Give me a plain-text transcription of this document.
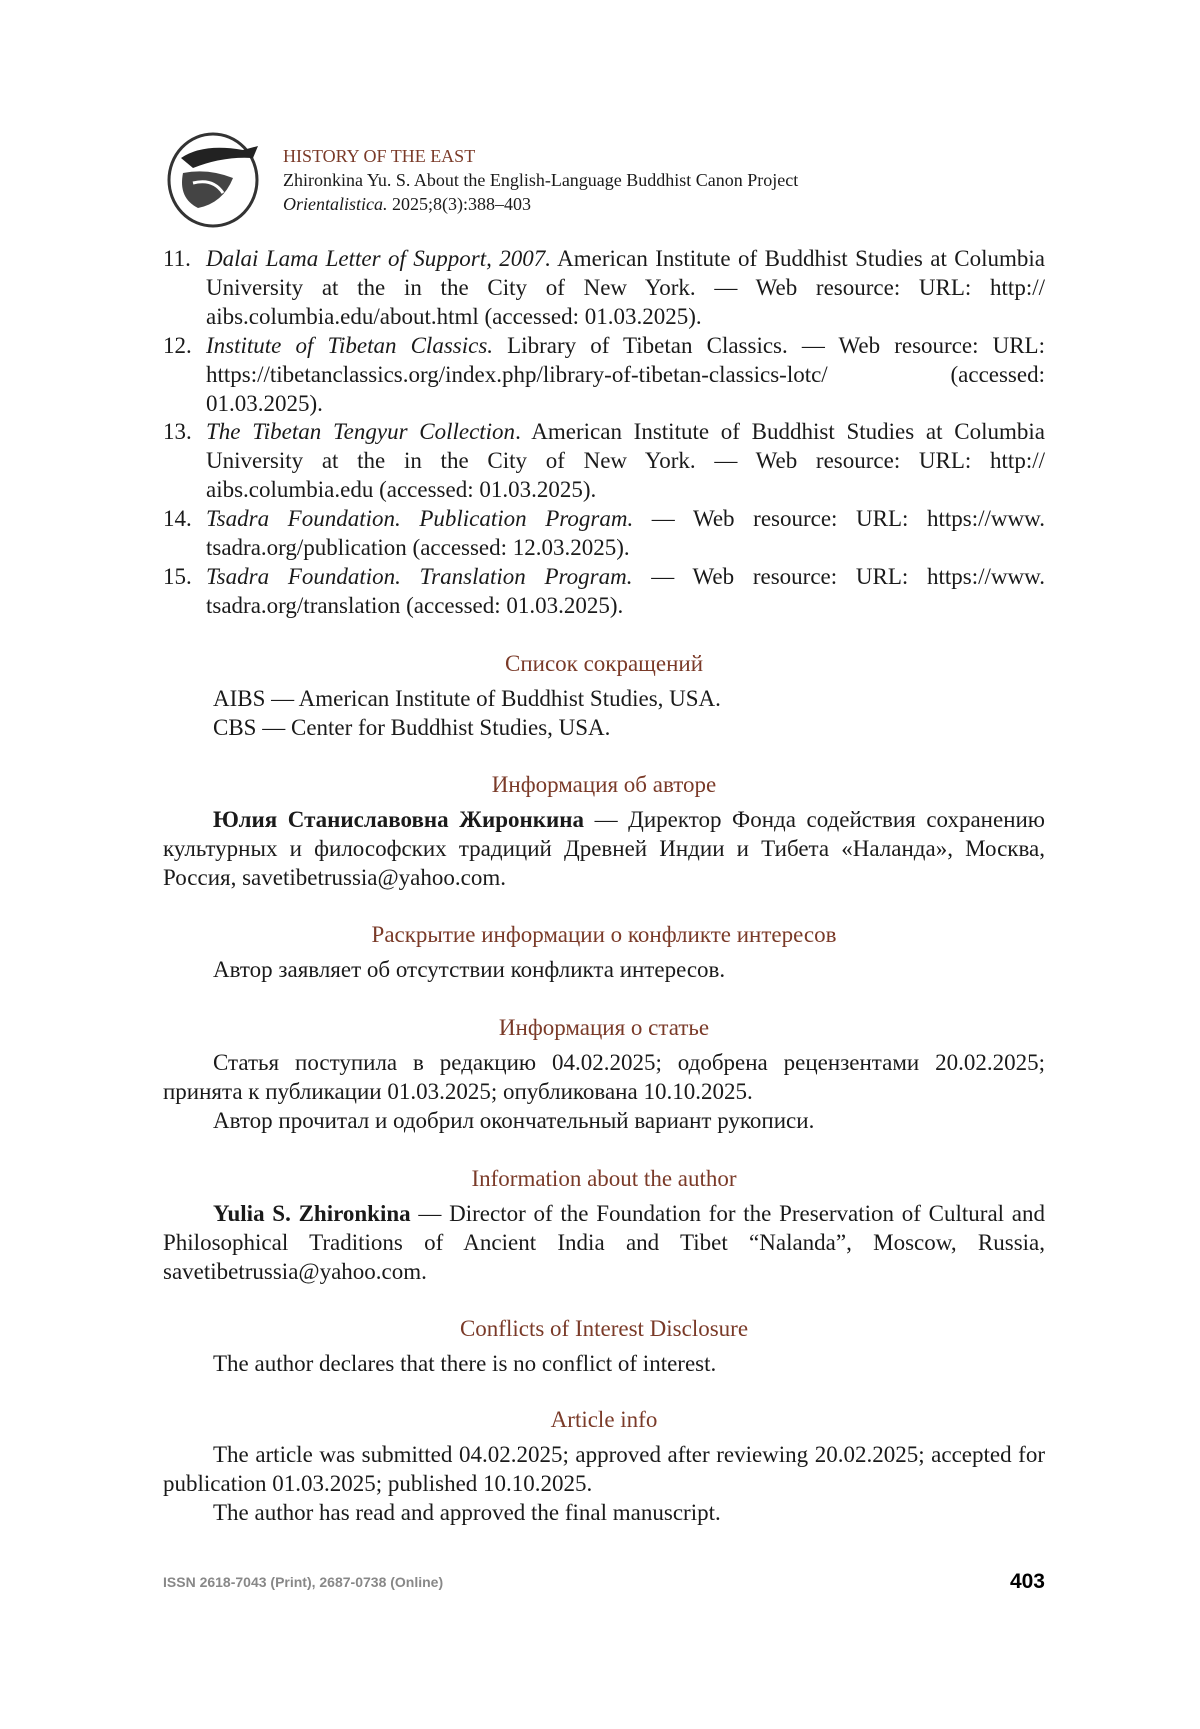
HISTORY OF THE EAST
Zhironkina Yu. S. About the English-Language Buddhist Canon Project
Orientalistica. 2025;8(3):388–403
11. Dalai Lama Letter of Support, 2007. American Institute of Buddhist Studies at Columbia University at the in the City of New York. — Web resource: URL: http:// aibs.columbia.edu/about.html (accessed: 01.03.2025).
12. Institute of Tibetan Classics. Library of Tibetan Classics. — Web resource: URL: https://tibetanclassics.org/index.php/library-of-tibetan-classics-lotc/ (accessed: 01.03.2025).
13. The Tibetan Tengyur Collection. American Institute of Buddhist Studies at Columbia University at the in the City of New York. — Web resource: URL: http:// aibs.columbia.edu (accessed: 01.03.2025).
14. Tsadra Foundation. Publication Program. — Web resource: URL: https://www. tsadra.org/publication (accessed: 12.03.2025).
15. Tsadra Foundation. Translation Program. — Web resource: URL: https://www. tsadra.org/translation (accessed: 01.03.2025).
Список сокращений
AIBS — American Institute of Buddhist Studies, USA.
CBS — Center for Buddhist Studies, USA.
Информация об авторе
Юлия Станиславовна Жиронкина — Директор Фонда содействия сохранению культурных и философских традиций Древней Индии и Тибета «Наланда», Москва, Россия, savetibetrussia@yahoo.com.
Раскрытие информации о конфликте интересов
Автор заявляет об отсутствии конфликта интересов.
Информация о статье
Статья поступила в редакцию 04.02.2025; одобрена рецензентами 20.02.2025; принята к публикации 01.03.2025; опубликована 10.10.2025.
Автор прочитал и одобрил окончательный вариант рукописи.
Information about the author
Yulia S. Zhironkina — Director of the Foundation for the Preservation of Cultural and Philosophical Traditions of Ancient India and Tibet “Nalanda”, Moscow, Russia, savetibetrussia@yahoo.com.
Conflicts of Interest Disclosure
The author declares that there is no conflict of interest.
Article info
The article was submitted 04.02.2025; approved after reviewing 20.02.2025; accepted for publication 01.03.2025; published 10.10.2025.
The author has read and approved the final manuscript.
ISSN 2618-7043 (Print), 2687-0738 (Online)	403
